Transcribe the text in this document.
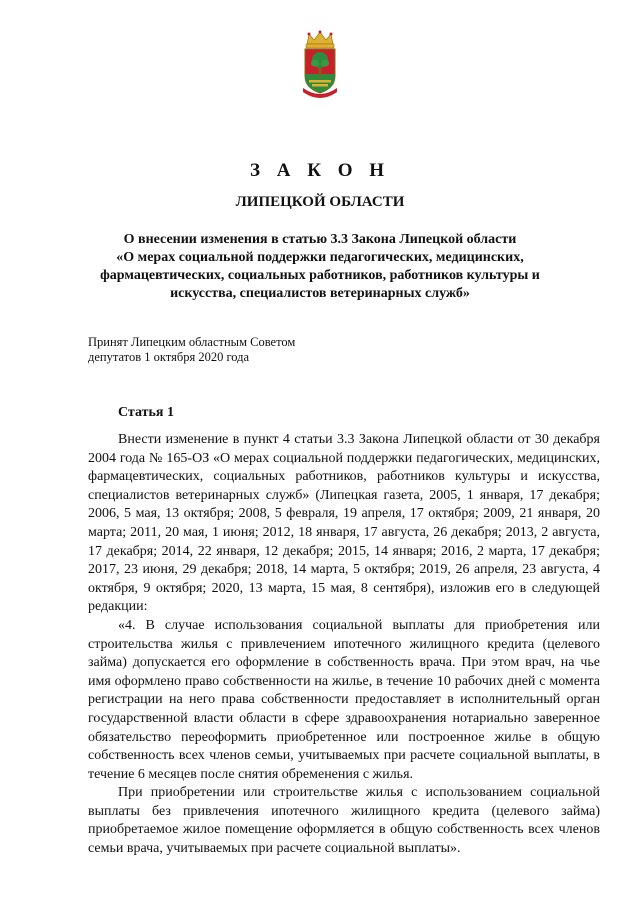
З А К О Н
ЛИПЕЦКОЙ ОБЛАСТИ
О внесении изменения в статью 3.3 Закона Липецкой области
«О мерах социальной поддержки педагогических, медицинских,
фармацевтических, социальных работников, работников культуры и
искусства, специалистов ветеринарных служб»
Принят Липецким областным Советом
депутатов 1 октября 2020 года
Статья 1

Внести изменение в пункт 4 статьи 3.3 Закона Липецкой области от 30 декабря 2004 года № 165-ОЗ «О мерах социальной поддержки педагогических, медицинских, фармацевтических, социальных работников, работников культуры и искусства, специалистов ветеринарных служб» (Липецкая газета, 2005, 1 января, 17 декабря; 2006, 5 мая, 13 октября; 2008, 5 февраля, 19 апреля, 17 октября; 2009, 21 января, 20 марта; 2011, 20 мая, 1 июня; 2012, 18 января, 17 августа, 26 декабря; 2013, 2 августа, 17 декабря; 2014, 22 января, 12 декабря; 2015, 14 января; 2016, 2 марта, 17 декабря; 2017, 23 июня, 29 декабря; 2018, 14 марта, 5 октября; 2019, 26 апреля, 23 августа, 4 октября, 9 октября; 2020, 13 марта, 15 мая, 8 сентября), изложив его в следующей редакции:

«4. В случае использования социальной выплаты для приобретения или строительства жилья с привлечением ипотечного жилищного кредита (целевого займа) допускается его оформление в собственность врача. При этом врач, на чье имя оформлено право собственности на жилье, в течение 10 рабочих дней с момента регистрации на него права собственности предоставляет в исполнительный орган государственной власти области в сфере здравоохранения нотариально заверенное обязательство переоформить приобретенное или построенное жилье в общую собственность всех членов семьи, учитываемых при расчете социальной выплаты, в течение 6 месяцев после снятия обременения с жилья.

При приобретении или строительстве жилья с использованием социальной выплаты без привлечения ипотечного жилищного кредита (целевого займа) приобретаемое жилое помещение оформляется в общую собственность всех членов семьи врача, учитываемых при расчете социальной выплаты».
